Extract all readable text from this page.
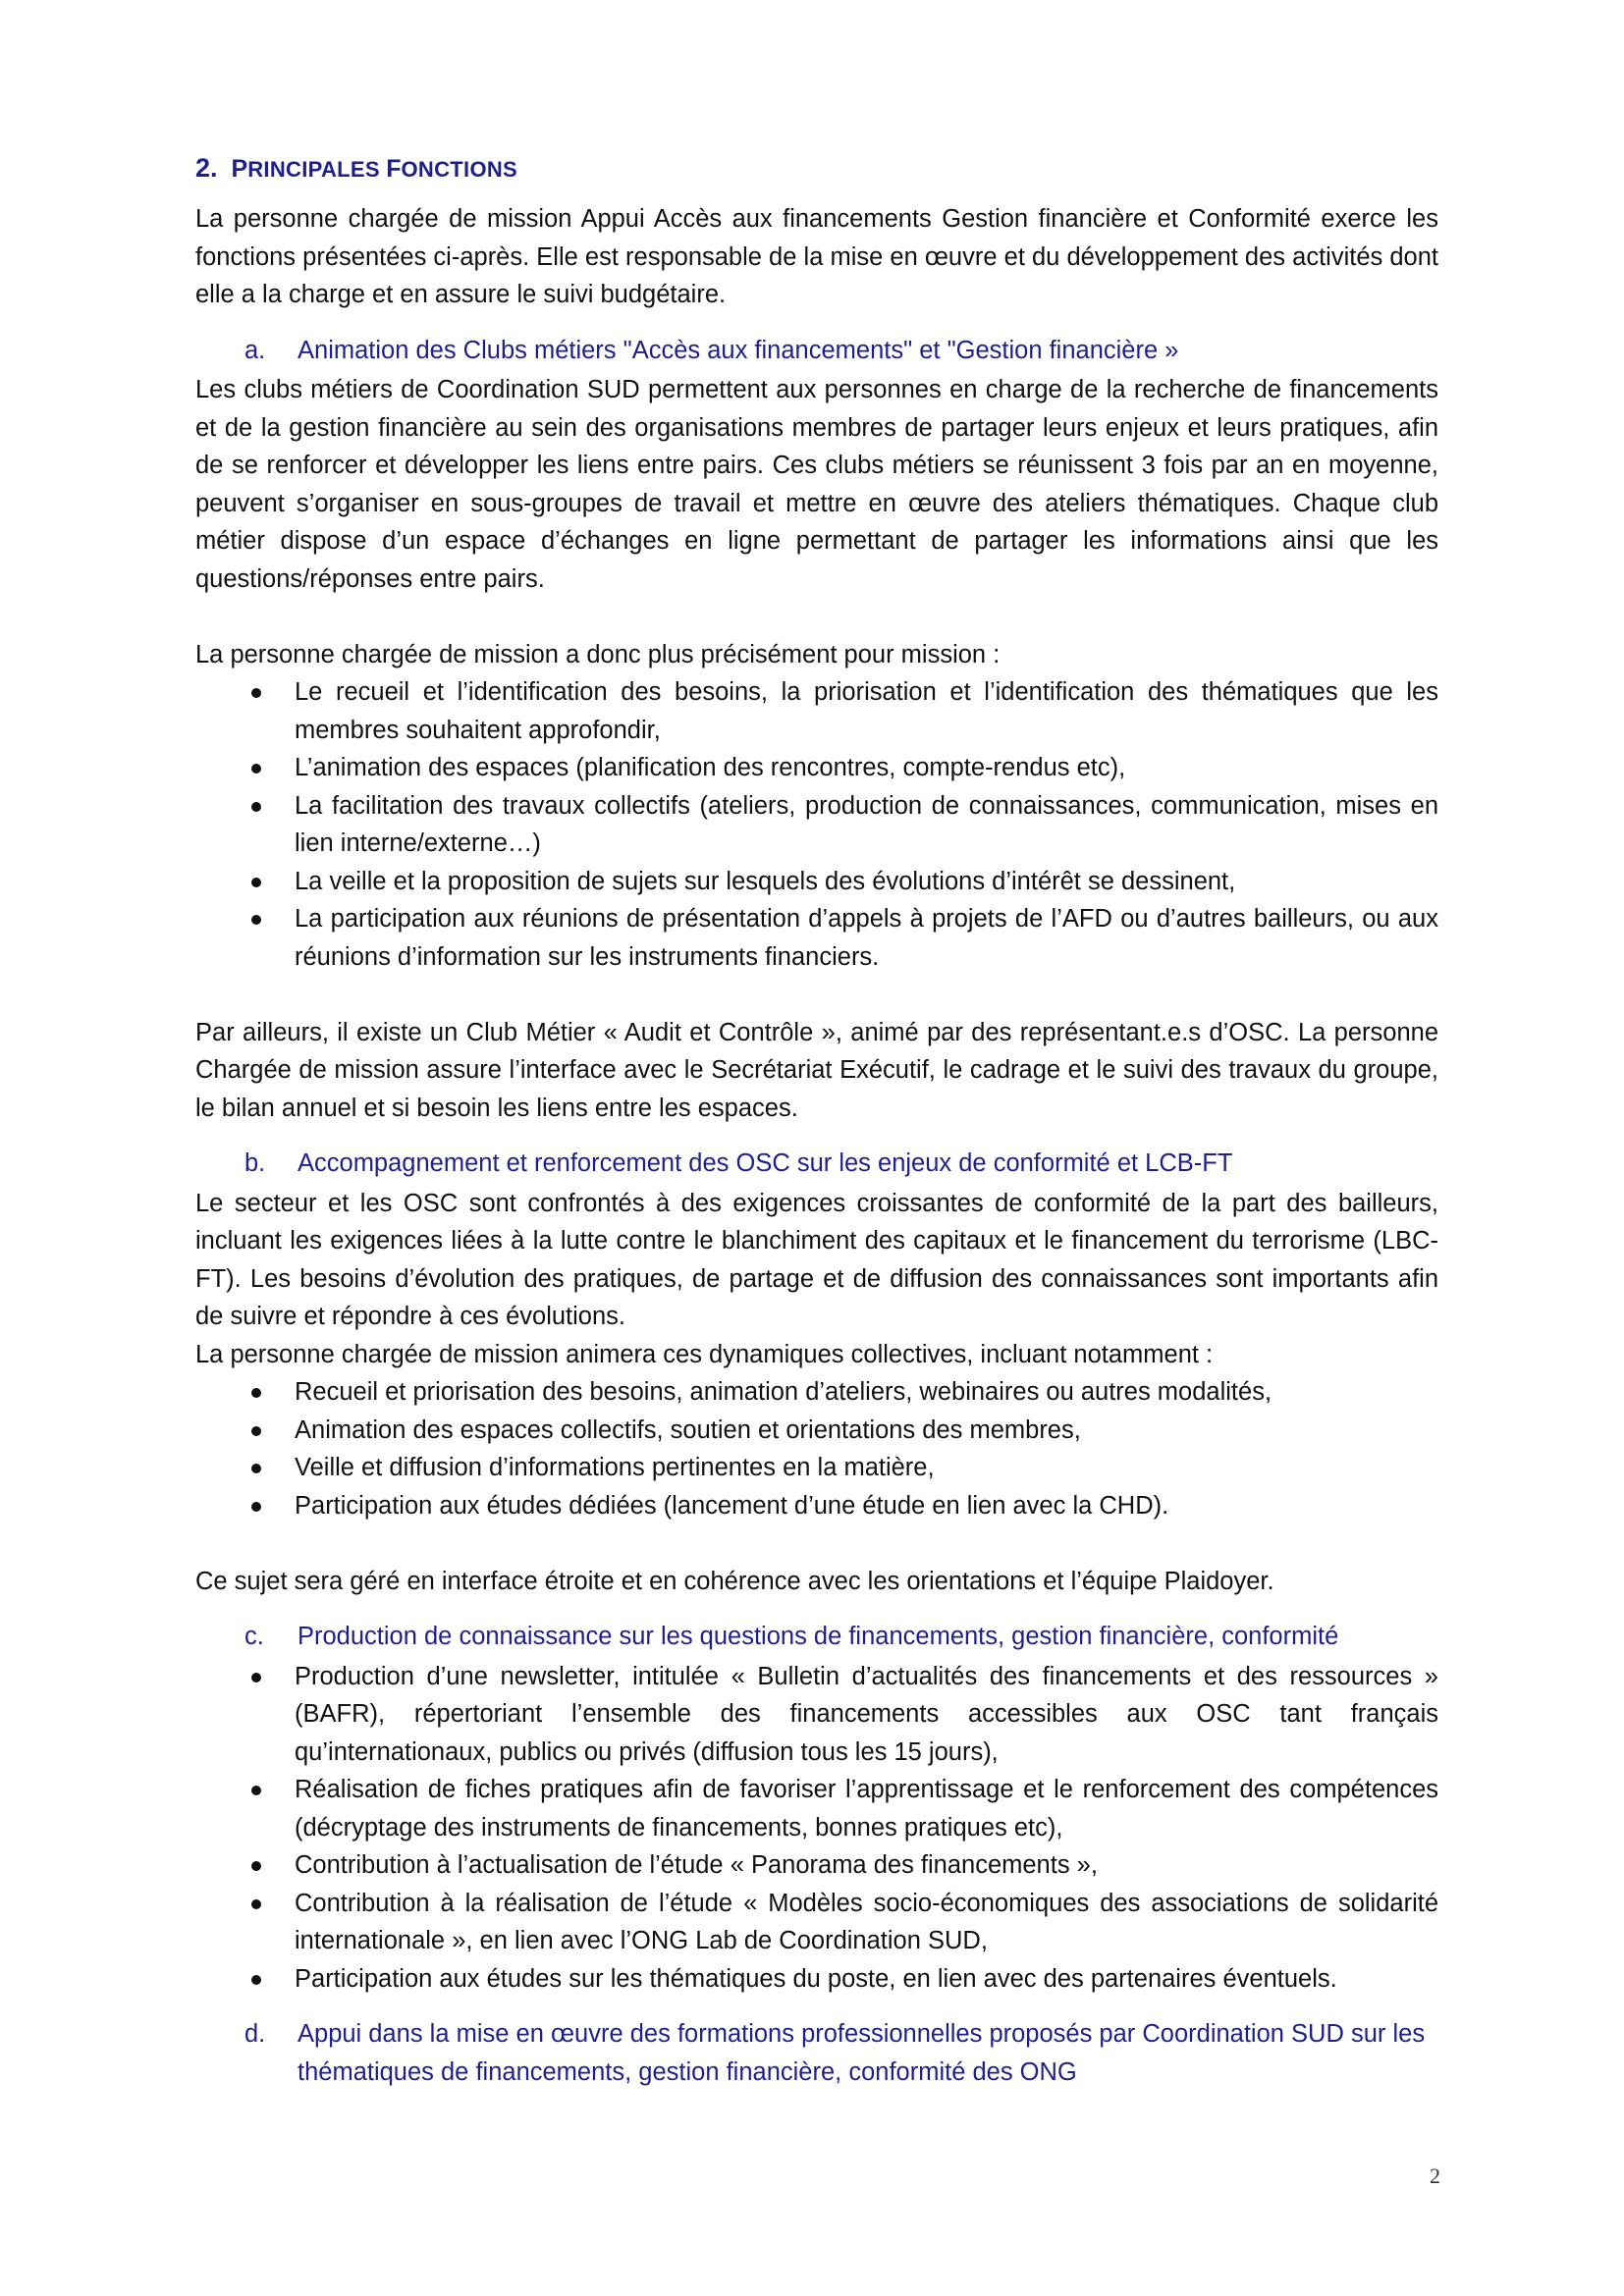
2. PRINCIPALES FONCTIONS

La personne chargée de mission Appui Accès aux financements Gestion financière et Conformité exerce les fonctions présentées ci-après. Elle est responsable de la mise en œuvre et du développement des activités dont elle a la charge et en assure le suivi budgétaire.

a.	Animation des Clubs métiers "Accès aux financements" et "Gestion financière »

Les clubs métiers de Coordination SUD permettent aux personnes en charge de la recherche de financements et de la gestion financière au sein des organisations membres de partager leurs enjeux et leurs pratiques, afin de se renforcer et développer les liens entre pairs. Ces clubs métiers se réunissent 3 fois par an en moyenne, peuvent s’organiser en sous-groupes de travail et mettre en œuvre des ateliers thématiques. Chaque club métier dispose d’un espace d’échanges en ligne permettant de partager les informations ainsi que les questions/réponses entre pairs.

La personne chargée de mission a donc plus précisément pour mission :

Le recueil et l’identification des besoins, la priorisation et l’identification des thématiques que les membres souhaitent approfondir,
L’animation des espaces (planification des rencontres, compte-rendus etc),
La facilitation des travaux collectifs (ateliers, production de connaissances, communication, mises en lien interne/externe…)
La veille et la proposition de sujets sur lesquels des évolutions d’intérêt se dessinent,
La participation aux réunions de présentation d’appels à projets de l’AFD ou d’autres bailleurs, ou aux réunions d’information sur les instruments financiers.

Par ailleurs, il existe un Club Métier « Audit et Contrôle », animé par des représentant.e.s d’OSC. La personne Chargée de mission assure l’interface avec le Secrétariat Exécutif, le cadrage et le suivi des travaux du groupe, le bilan annuel et si besoin les liens entre les espaces.

b.	Accompagnement et renforcement des OSC sur les enjeux de conformité et LCB-FT

Le secteur et les OSC sont confrontés à des exigences croissantes de conformité de la part des bailleurs, incluant les exigences liées à la lutte contre le blanchiment des capitaux et le financement du terrorisme (LBC-FT). Les besoins d’évolution des pratiques, de partage et de diffusion des connaissances sont importants afin de suivre et répondre à ces évolutions.

La personne chargée de mission animera ces dynamiques collectives, incluant notamment :

Recueil et priorisation des besoins, animation d’ateliers, webinaires ou autres modalités,
Animation des espaces collectifs, soutien et orientations des membres,
Veille et diffusion d’informations pertinentes en la matière,
Participation aux études dédiées (lancement d’une étude en lien avec la CHD).

Ce sujet sera géré en interface étroite et en cohérence avec les orientations et l’équipe Plaidoyer.

c.	Production de connaissance sur les questions de financements, gestion financière, conformité
Production d’une newsletter, intitulée « Bulletin d’actualités des financements et des ressources » (BAFR), répertoriant l’ensemble des financements accessibles aux OSC tant français qu’internationaux, publics ou privés (diffusion tous les 15 jours),
Réalisation de fiches pratiques afin de favoriser l’apprentissage et le renforcement des compétences (décryptage des instruments de financements, bonnes pratiques etc),
Contribution à l’actualisation de l’étude « Panorama des financements »,
Contribution à la réalisation de l’étude « Modèles socio-économiques des associations de solidarité internationale », en lien avec l’ONG Lab de Coordination SUD,
Participation aux études sur les thématiques du poste, en lien avec des partenaires éventuels.
d.	Appui dans la mise en œuvre des formations professionnelles proposés par Coordination SUD sur les thématiques de financements, gestion financière, conformité des ONG
2
